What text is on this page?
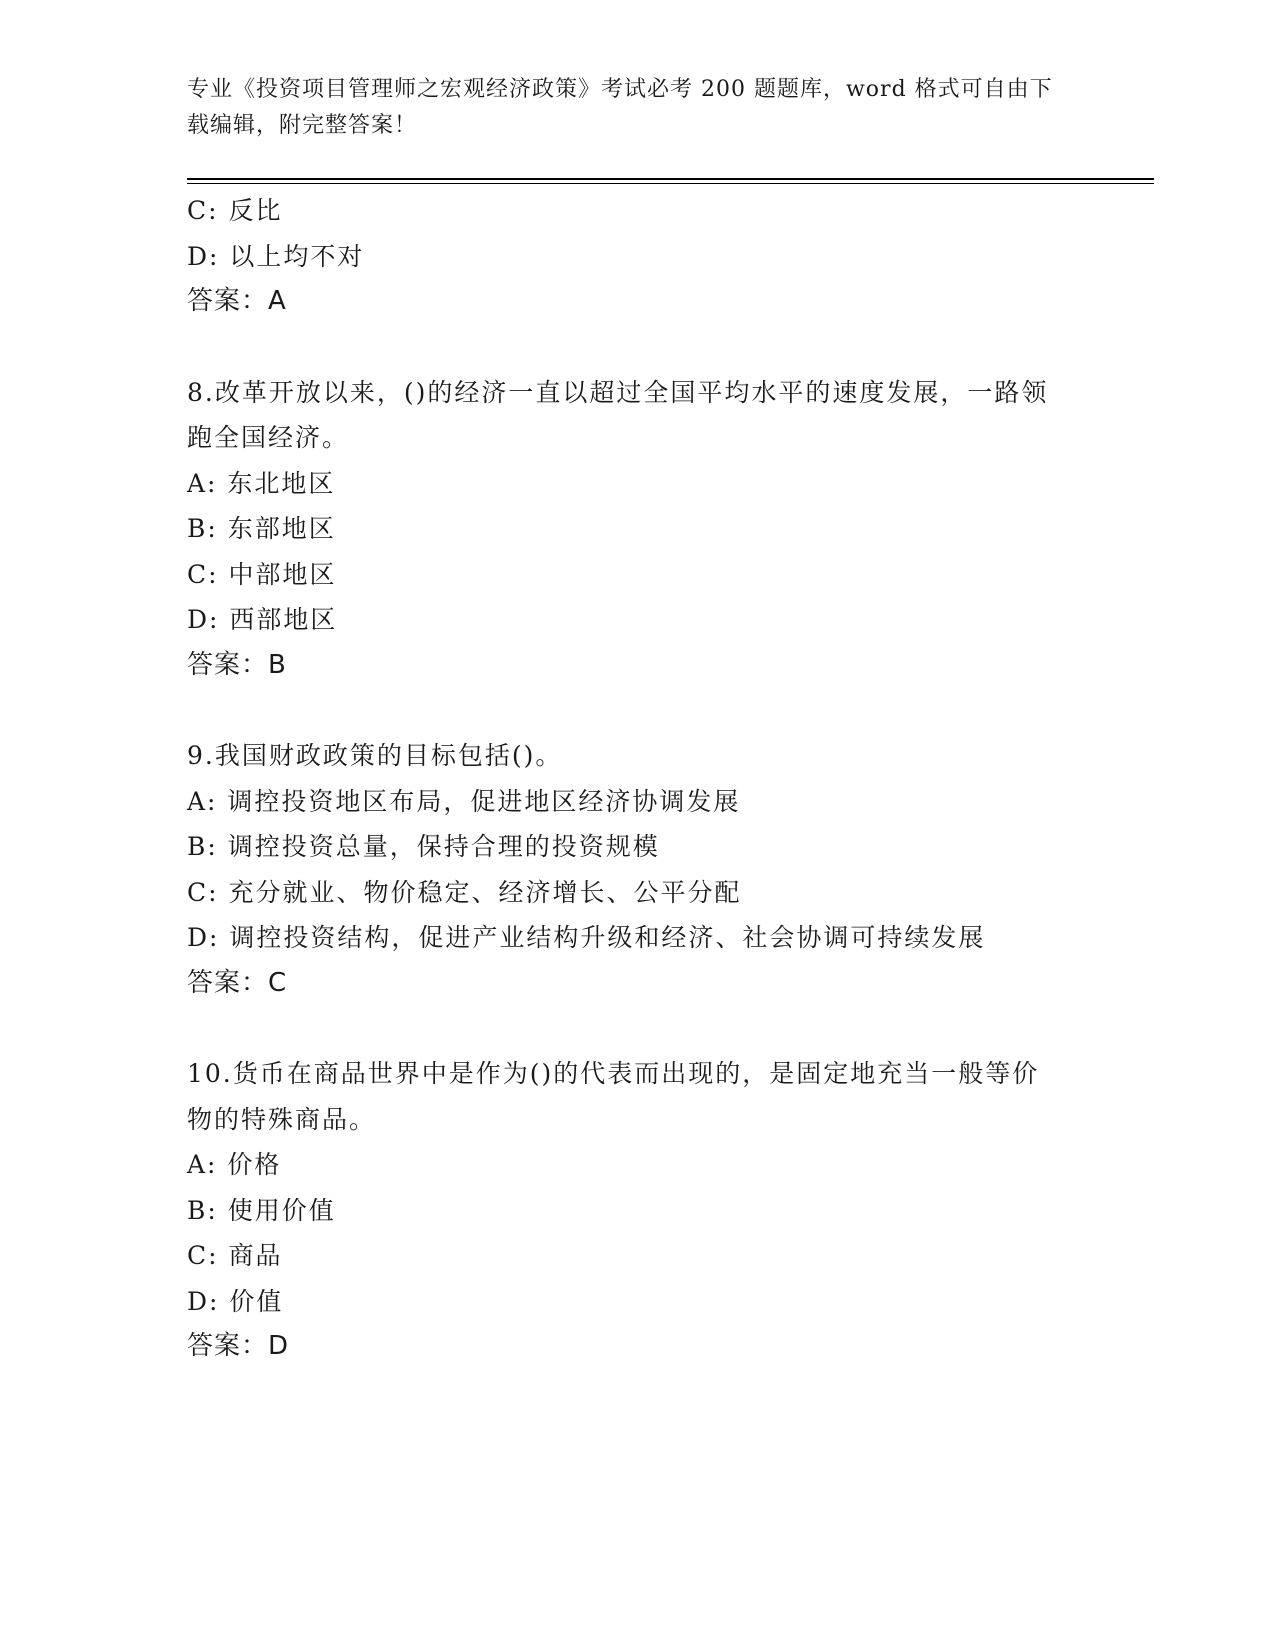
专业《投资项目管理师之宏观经济政策》考试必考 200 题题库，word 格式可自由下载编辑，附完整答案！
C: 反比
D: 以上均不对
答案：A
8.改革开放以来，()的经济一直以超过全国平均水平的速度发展，一路领跑全国经济。
A: 东北地区
B: 东部地区
C: 中部地区
D: 西部地区
答案：B
9.我国财政政策的目标包括()。
A: 调控投资地区布局，促进地区经济协调发展
B: 调控投资总量，保持合理的投资规模
C: 充分就业、物价稳定、经济增长、公平分配
D: 调控投资结构，促进产业结构升级和经济、社会协调可持续发展
答案：C
10.货币在商品世界中是作为()的代表而出现的，是固定地充当一般等价物的特殊商品。
A: 价格
B: 使用价值
C: 商品
D: 价值
答案：D
